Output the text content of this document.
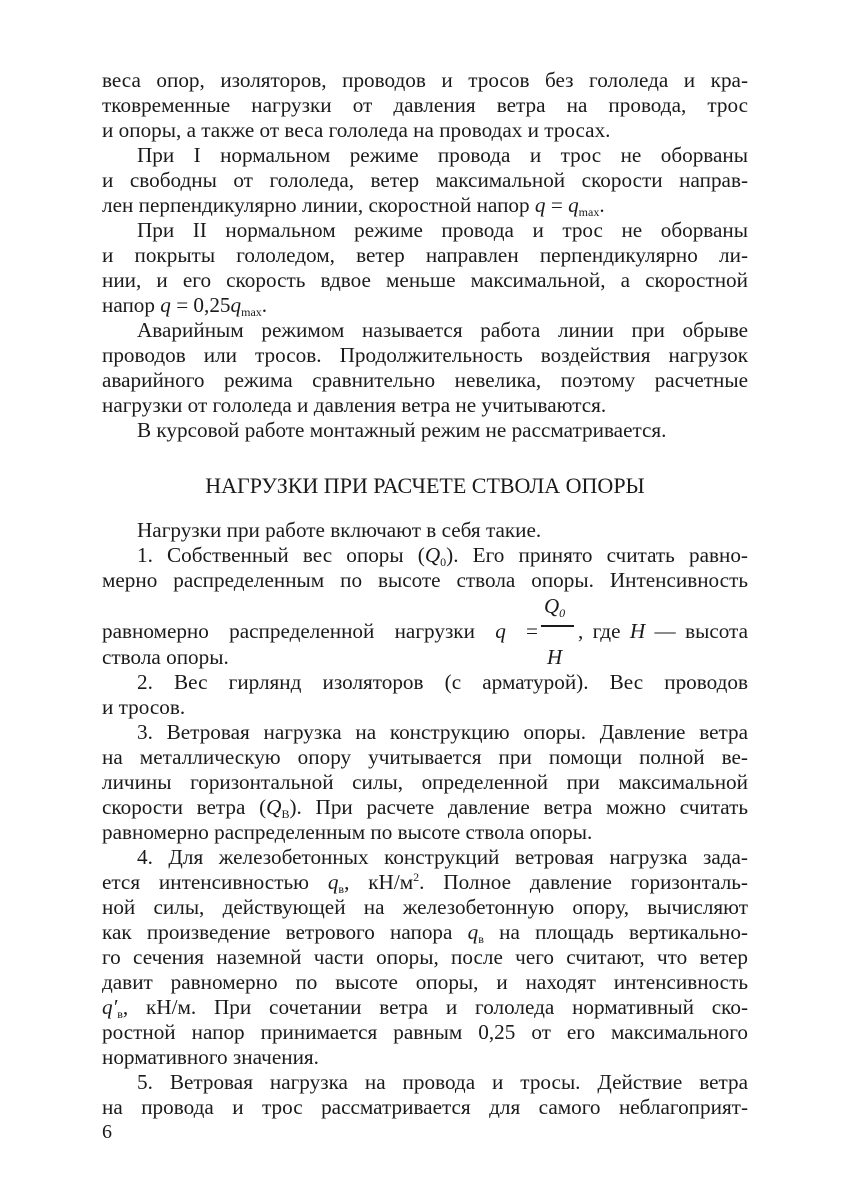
веса опор, изоляторов, проводов и тросов без гололеда и кра-
тковременные нагрузки от давления ветра на провода, трос
и опоры, а также от веса гололеда на проводах и тросах.
При I нормальном режиме провода и трос не оборваны
и свободны от гололеда, ветер максимальной скорости направ-
лен перпендикулярно линии, скоростной напор $q = q_{max}$.
При II нормальном режиме провода и трос не оборваны
и покрыты гололедом, ветер направлен перпендикулярно ли-
нии, и его скорость вдвое меньше максимальной, а скоростной
напор $q = 0,25q_{max}$.
Аварийным режимом называется работа линии при обрыве
проводов или тросов. Продолжительность воздействия нагрузок
аварийного режима сравнительно невелика, поэтому расчетные
нагрузки от гололеда и давления ветра не учитываются.
В курсовой работе монтажный режим не рассматривается.
НАГРУЗКИ ПРИ РАСЧЕТЕ СТВОЛА ОПОРЫ
Нагрузки при работе включают в себя такие.
1. Собственный вес опоры $(Q_0)$. Его принято считать равно-
мерно распределенным по высоте ствола опоры. Интенсивность
равномерно распределенной нагрузки q =
$Q_0$
H
, где H — высота
ствола опоры.
2. Вес гирлянд изоляторов (с арматурой). Вес проводов
и тросов.
3. Ветровая нагрузка на конструкцию опоры. Давление ветра
на металлическую опору учитывается при помощи полной ве-
личины горизонтальной силы, определенной при максимальной
скорости ветра $(Q_В)$. При расчете давление ветра можно считать
равномерно распределенным по высоте ствола опоры.
4. Для железобетонных конструкций ветровая нагрузка зада-
ется интенсивностью $q_в$, $кН/м^2$. Полное давление горизонталь-
ной силы, действующей на железобетонную опору, вычисляют
как произведение ветрового напора $q_в$ на площадь вертикально-
го сечения наземной части опоры, после чего считают, что ветер
давит равномерно по высоте опоры, и находят интенсивность
$q'_в$, кН/м. При сочетании ветра и гололеда нормативный ско-
ростной напор принимается равным 0,25 от его максимального
нормативного значения.
5. Ветровая нагрузка на провода и тросы. Действие ветра
на провода и трос рассматривается для самого неблагоприят-
6
